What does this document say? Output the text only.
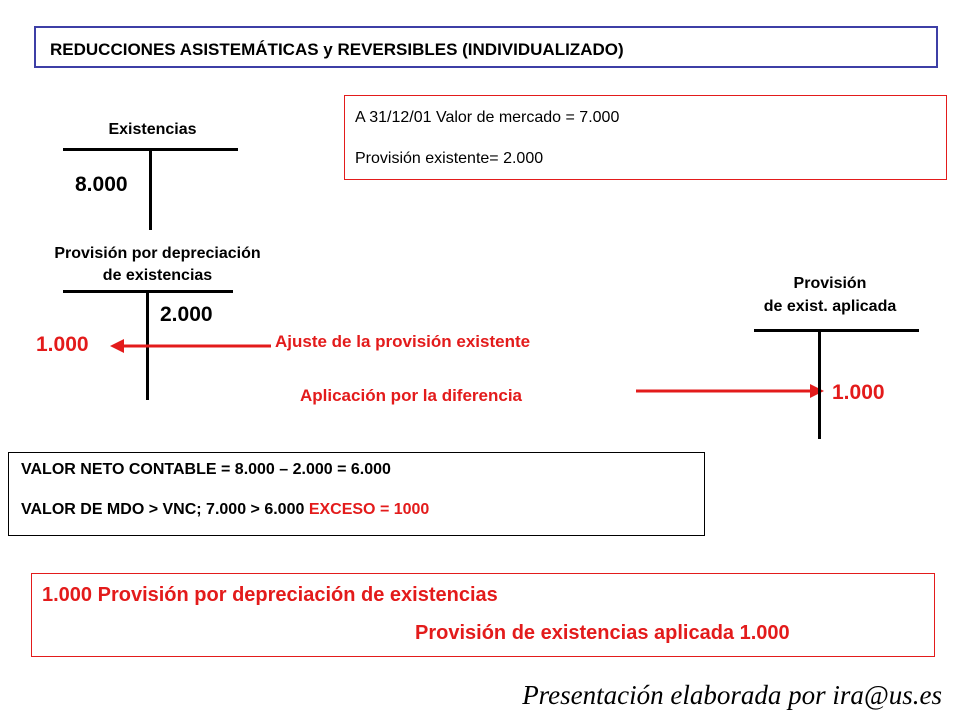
REDUCCIONES ASISTEMÁTICAS y REVERSIBLES (INDIVIDUALIZADO)
A 31/12/01 Valor de mercado = 7.000
Provisión existente= 2.000
Existencias
8.000
Provisión por depreciación
de existencias
2.000
1.000	Ajuste de la provisión existente
Aplicación por la diferencia
Provisión
de exist. aplicada
1.000
VALOR NETO CONTABLE = 8.000 – 2.000 = 6.000
VALOR DE MDO > VNC; 7.000 > 6.000 EXCESO = 1000
1.000 Provisión por depreciación de existencias
Provisión de existencias aplicada 1.000
Presentación elaborada por ira@us.es
